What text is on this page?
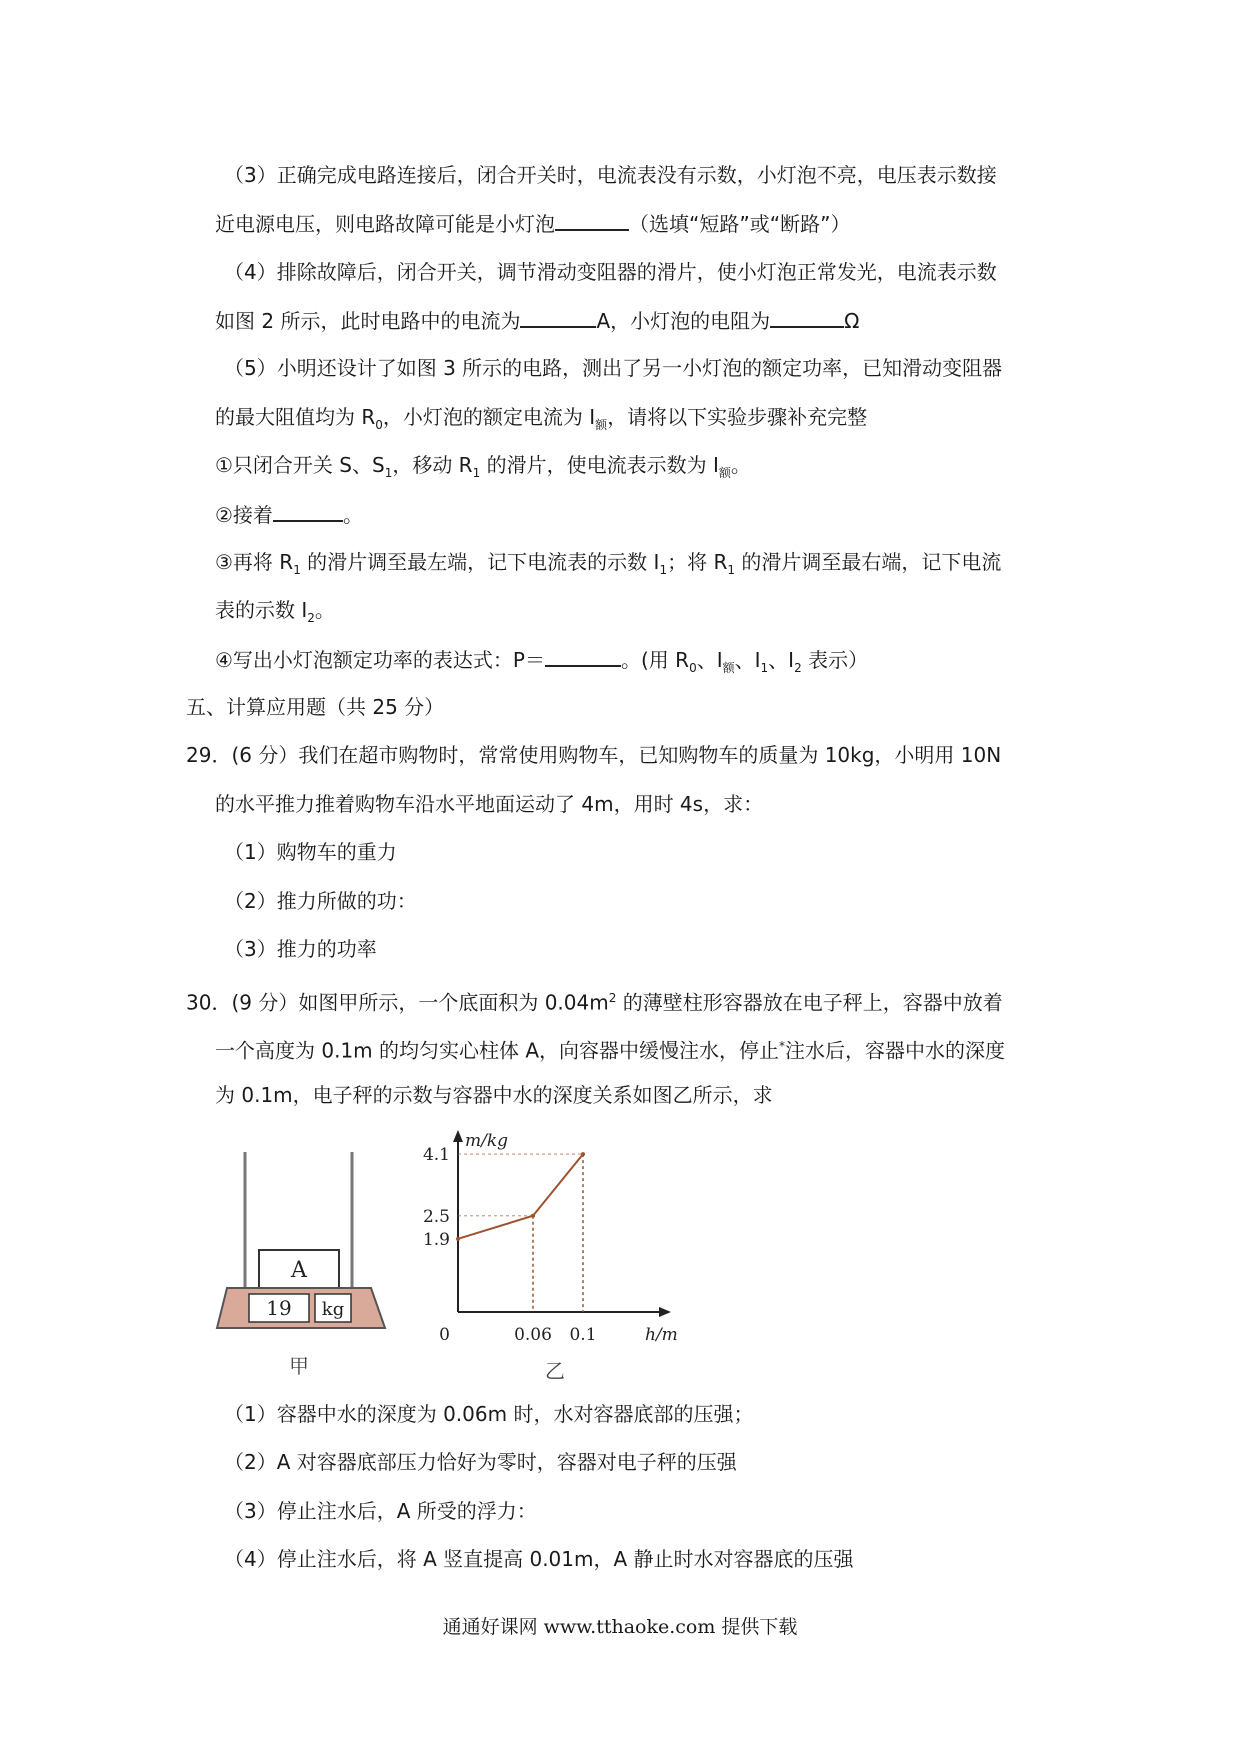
（3）正确完成电路连接后，闭合开关时，电流表没有示数，小灯泡不亮，电压表示数接
近电源电压，则电路故障可能是小灯泡	（选填“短路”或“断路”）
（4）排除故障后，闭合开关，调节滑动变阻器的滑片，使小灯泡正常发光，电流表示数
如图 2 所示，此时电路中的电流为	A，小灯泡的电阻为	Ω
（5）小明还设计了如图 3 所示的电路，测出了另一小灯泡的额定功率，已知滑动变阻器
的最大阻值均为 $R_0$，小灯泡的额定电流为 $I_额$，请将以下实验步骤补充完整
①只闭合开关 S、$S_1$，移动 $R_1$ 的滑片，使电流表示数为 $I_额$。
②接着	。
③再将 $R_1$ 的滑片调至最左端，记下电流表的示数 $I_1$；将 $R_1$ 的滑片调至最右端，记下电流
表的示数 $I_2$。
④写出小灯泡额定功率的表达式：P＝	。(用 $R_0$、$I_额$、$I_1$、$I_2$ 表示）
五、计算应用题（共 25 分）
29．(6 分）我们在超市购物时，常常使用购物车，已知购物车的质量为 10kg，小明用 10N
的水平推力推着购物车沿水平地面运动了 4m，用时 4s，求：
（1）购物车的重力
（2）推力所做的功：
（3）推力的功率
30．(9 分）如图甲所示，一个底面积为 $0.04m^2$ 的薄壁柱形容器放在电子秤上，容器中放着
一个高度为 0.1m 的均匀实心柱体 A，向容器中缓慢注水，停止*注水后，容器中水的深度
为 0.1m，电子秤的示数与容器中水的深度关系如图乙所示，求
A
19 kg
甲
m/kg
h/m
1.9
2.5
4.1
0	0.06 0.1
乙
（1）容器中水的深度为 0.06m 时，水对容器底部的压强；
（2）A 对容器底部压力恰好为零时，容器对电子秤的压强
（3）停止注水后，A 所受的浮力：
（4）停止注水后，将 A 竖直提高 0.01m，A 静止时水对容器底的压强
通通好课网 www.tthaoke.com 提供下载
